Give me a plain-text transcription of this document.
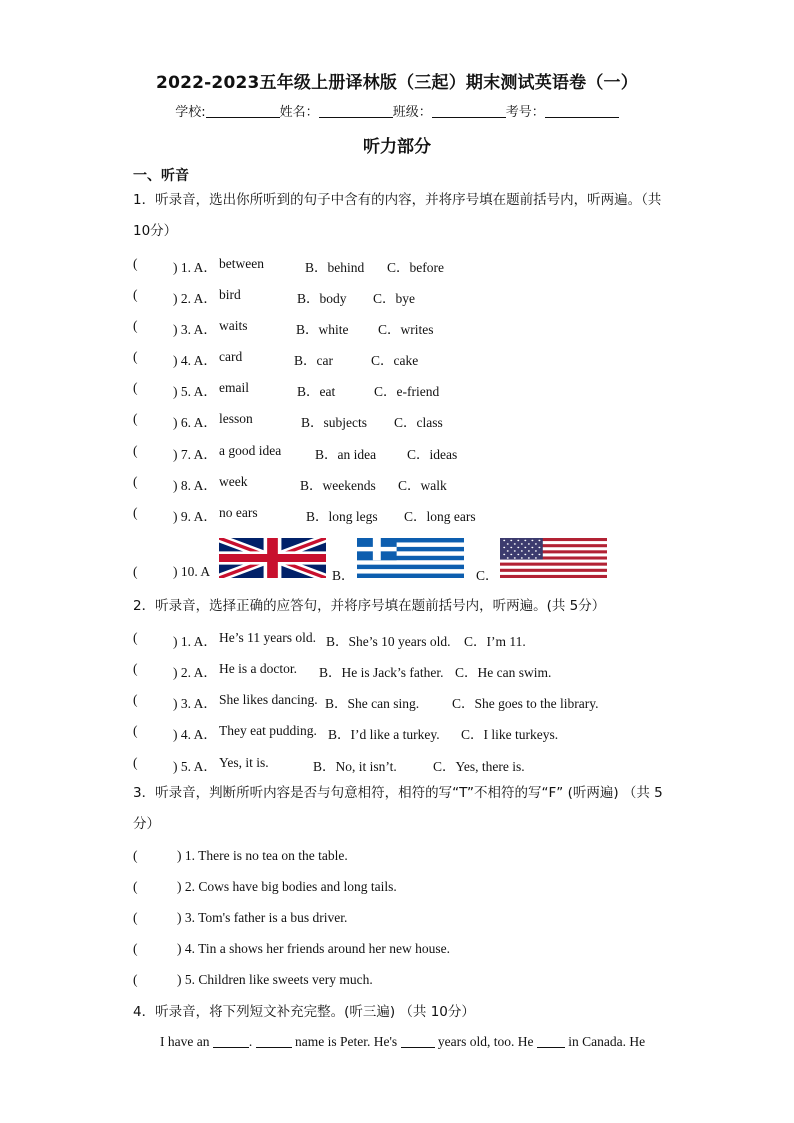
2022-2023五年级上册译林版（三起）期末测试英语卷（一）
学校:	姓名：	班级：	考号：
听力部分
一、听音
1．听录音，选出你所听到的句子中含有的内容，并将序号填在题前括号内，听两遍。（共 10分）
(	) 1. A． between	B．behind C．before
(	) 2. A． bird	B．body C．bye
(	) 3. A． waits	B．white C．writes
(	) 4. A． card	B．car	C．cake
(	) 5. A． email	B．eat	C．e-friend
(	) 6. A． lesson	B．subjects C．class
(	) 7. A． a good idea	B．an idea C．ideas
(	) 8. A． week	B．weekends C．walk
(	) 9. A． no ears	B．long legs C．long ears
(	) 10. A	B．	C．
2．听录音，选择正确的应答句，并将序号填在题前括号内，听两遍。(共 5分）
(	) 1. A． He’s 11 years old. B．She’s 10 years old. C．I’m 11.
(	) 2. A． He is a doctor. B．He is Jack’s father. C．He can swim.
(	) 3. A． She likes dancing. B．She can sing. C．She goes to the library.
(	) 4. A． They eat pudding. B．I’d like a turkey. C．I like turkeys.
(	) 5. A． Yes, it is.	B．No, it isn’t.	C．Yes, there is.
3．听录音，判断所听内容是否与句意相符，相符的写“T”不相符的写“F” (听两遍) （共 5分）
(	) 1. There is no tea on the table.
(	) 2. Cows have big bodies and long tails.
(	) 3. Tom's father is a bus driver.
(	) 4. Tin a shows her friends around her new house.
(	) 5. Children like sweets very much.
4．听录音，将下列短文补充完整。(听三遍) （共 10分）
I have an	.	name is Peter. He's	years old, too. He	in Canada. He
